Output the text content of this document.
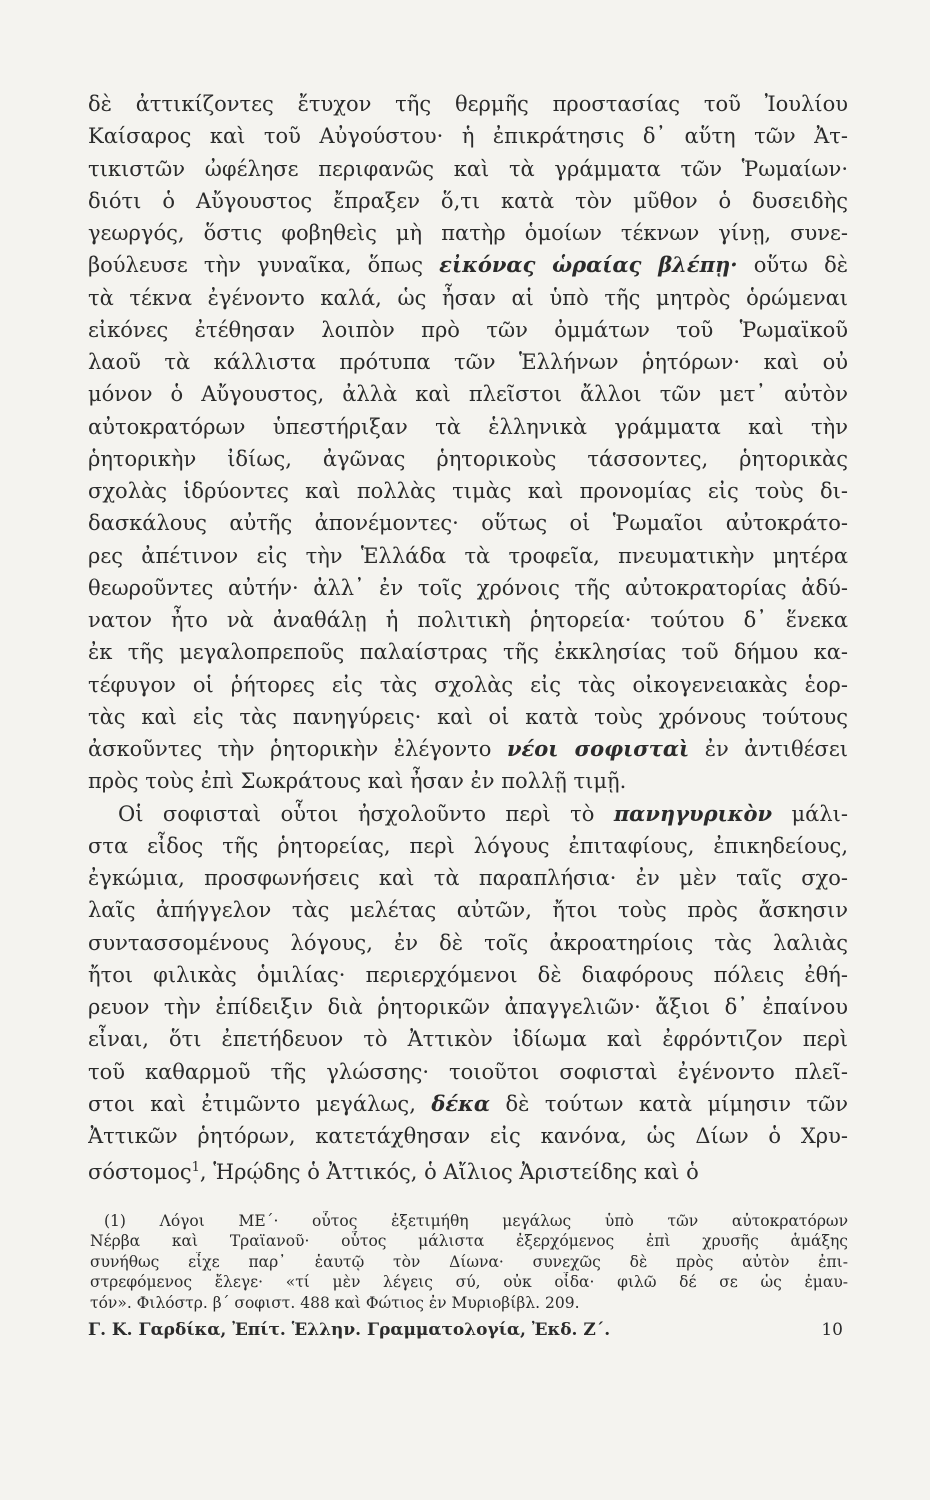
δὲ ἀττικίζοντες ἔτυχον τῆς θερμῆς προστασίας τοῦ Ἰουλίου
Καίσαρος καὶ τοῦ Αὐγούστου· ἡ ἐπικράτησις δ᾿ αὕτη τῶν Ἀτ-
τικιστῶν ὠφέλησε περιφανῶς καὶ τὰ γράμματα τῶν Ῥωμαίων·
διότι ὁ Αὔγουστος ἔπραξεν ὅ,τι κατὰ τὸν μῦθον ὁ δυσειδὴς
γεωργός, ὅστις φοβηθεὶς μὴ πατὴρ ὁμοίων τέκνων γίνῃ, συνε-
βούλευσε τὴν γυναῖκα, ὅπως εἰκόνας ὡραίας βλέπῃ· οὕτω δὲ
τὰ τέκνα ἐγένοντο καλά, ὡς ἦσαν αἱ ὑπὸ τῆς μητρὸς ὁρώμεναι
εἰκόνες ἐτέθησαν λοιπὸν πρὸ τῶν ὀμμάτων τοῦ Ῥωμαϊκοῦ
λαοῦ τὰ κάλλιστα πρότυπα τῶν Ἑλλήνων ῥητόρων· καὶ οὐ
μόνον ὁ Αὔγουστος, ἀλλὰ καὶ πλεῖστοι ἄλλοι τῶν μετ᾿ αὐτὸν
αὐτοκρατόρων ὑπεστήριξαν τὰ ἑλληνικὰ γράμματα καὶ τὴν
ῥητορικὴν ἰδίως, ἀγῶνας ῥητορικοὺς τάσσοντες, ῥητορικὰς
σχολὰς ἱδρύοντες καὶ πολλὰς τιμὰς καὶ προνομίας εἰς τοὺς δι-
δασκάλους αὐτῆς ἀπονέμοντες· οὕτως οἱ Ῥωμαῖοι αὐτοκράτο-
ρες ἀπέτινον εἰς τὴν Ἑλλάδα τὰ τροφεῖα, πνευματικὴν μητέρα
θεωροῦντες αὐτήν· ἀλλ᾿ ἐν τοῖς χρόνοις τῆς αὐτοκρατορίας ἀδύ-
νατον ἦτο νὰ ἀναθάλῃ ἡ πολιτικὴ ῥητορεία· τούτου δ᾿ ἕνεκα
ἐκ τῆς μεγαλοπρεποῦς παλαίστρας τῆς ἐκκλησίας τοῦ δήμου κα-
τέφυγον οἱ ῥήτορες εἰς τὰς σχολὰς εἰς τὰς οἰκογενειακὰς ἑορ-
τὰς καὶ εἰς τὰς πανηγύρεις· καὶ οἱ κατὰ τοὺς χρόνους τούτους
ἀσκοῦντες τὴν ῥητορικὴν ἐλέγοντο νέοι σοφισταὶ ἐν ἀντιθέσει
πρὸς τοὺς ἐπὶ Σωκράτους καὶ ἦσαν ἐν πολλῇ τιμῇ.
Οἱ σοφισταὶ οὗτοι ἠσχολοῦντο περὶ τὸ πανηγυρικὸν μάλι-
στα εἶδος τῆς ῥητορείας, περὶ λόγους ἐπιταφίους, ἐπικηδείους,
ἐγκώμια, προσφωνήσεις καὶ τὰ παραπλήσια· ἐν μὲν ταῖς σχο-
λαῖς ἀπήγγελον τὰς μελέτας αὐτῶν, ἤτοι τοὺς πρὸς ἄσκησιν
συντασσομένους λόγους, ἐν δὲ τοῖς ἀκροατηρίοις τὰς λαλιὰς
ἤτοι φιλικὰς ὁμιλίας· περιερχόμενοι δὲ διαφόρους πόλεις ἐθή-
ρευον τὴν ἐπίδειξιν διὰ ῥητορικῶν ἀπαγγελιῶν· ἄξιοι δ᾿ ἐπαίνου
εἶναι, ὅτι ἐπετήδευον τὸ Ἀττικὸν ἰδίωμα καὶ ἐφρόντιζον περὶ
τοῦ καθαρμοῦ τῆς γλώσσης· τοιοῦτοι σοφισταὶ ἐγένοντο πλεῖ-
στοι καὶ ἐτιμῶντο μεγάλως, δέκα δὲ τούτων κατὰ μίμησιν τῶν
Ἀττικῶν ῥητόρων, κατετάχθησαν εἰς κανόνα, ὡς Δίων ὁ Χρυ-
σόστομος$^1$, Ἡρῴδης ὁ Ἀττικός, ὁ Αἴλιος Ἀριστείδης καὶ ὁ
(1) Λόγοι ΜΕ΄· οὗτος ἐξετιμήθη μεγάλως ὑπὸ τῶν αὐτοκρατόρων
Νέρβα καὶ Τραϊανοῦ· οὗτος μάλιστα ἐξερχόμενος ἐπὶ χρυσῆς ἁμάξης
συνήθως εἶχε παρ᾿ ἑαυτῷ τὸν Δίωνα· συνεχῶς δὲ πρὸς αὐτὸν ἐπι-
στρεφόμενος ἔλεγε· «τί μὲν λέγεις σύ, οὐκ οἶδα· φιλῶ δέ σε ὡς ἐμαυ-
τόν». Φιλόστρ. β΄ σοφιστ. 488 καὶ Φώτιος ἐν Μυριοβίβλ. 209.
Γ. Κ. Γαρδίκα, Ἐπίτ. Ἑλλην. Γραμματολογία, Ἐκδ. Ζ΄.	10
